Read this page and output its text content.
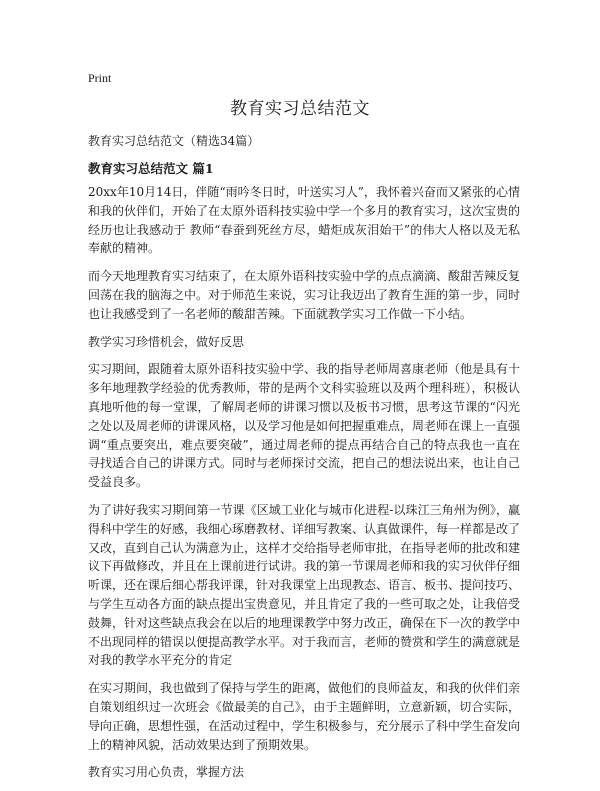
Print
教育实习总结范文
教育实习总结范文（精选34篇）
教育实习总结范文 篇1

20xx年10月14日，伴随“雨吟冬日时，叶送实习人”，我怀着兴奋而又紧张的心情和我的伙伴们，开始了在太原外语科技实验中学一个多月的教育实习，这次宝贵的经历也让我感动于 教师“春蚕到死丝方尽，蜡炬成灰泪始干”的伟大人格以及无私奉献的精神。

而今天地理教育实习结束了，在太原外语科技实验中学的点点滴滴、酸甜苦辣反复回荡在我的脑海之中。对于师范生来说，实习让我迈出了教育生涯的第一步，同时也让我感受到了一名老师的酸甜苦辣。下面就教学实习工作做一下小结。

教学实习珍惜机会，做好反思

实习期间，跟随着太原外语科技实验中学、我的指导老师周喜康老师（他是具有十多年地理教学经验的优秀教师，带的是两个文科实验班以及两个理科班），积极认真地听他的每一堂课，了解周老师的讲课习惯以及板书习惯，思考这节课的“闪光之处以及周老师的讲课风格，以及学习他是如何把握重难点，周老师在课上一直强调“重点要突出，难点要突破”，通过周老师的提点再结合自己的特点我也一直在寻找适合自己的讲课方式。同时与老师探讨交流，把自己的想法说出来，也让自己受益良多。

为了讲好我实习期间第一节课《区域工业化与城市化进程-以珠江三角州为例》，赢得科中学生的好感，我细心琢磨教材、详细写教案、认真做课件，每一样都是改了又改，直到自己认为满意为止，这样才交给指导老师审批，在指导老师的批改和建议下再做修改，并且在上课前进行试讲。我的第一节课周老师和我的实习伙伴仔细听课，还在课后细心帮我评课，针对我课堂上出现教态、语言、板书、提问技巧、与学生互动各方面的缺点提出宝贵意见，并且肯定了我的一些可取之处，让我倍受鼓舞，针对这些缺点我会在以后的地理课教学中努力改正，确保在下一次的教学中不出现同样的错误以便提高教学水平。对于我而言，老师的赞赏和学生的满意就是对我的教学水平充分的肯定

在实习期间，我也做到了保持与学生的距离，做他们的良师益友，和我的伙伴们亲自策划组织过一次班会《做最美的自己》，由于主题鲜明，立意新颖，切合实际，导向正确，思想性强，在活动过程中，学生积极参与，充分展示了科中学生奋发向上的精神风貌，活动效果达到了预期效果。

教育实习用心负责，掌握方法
